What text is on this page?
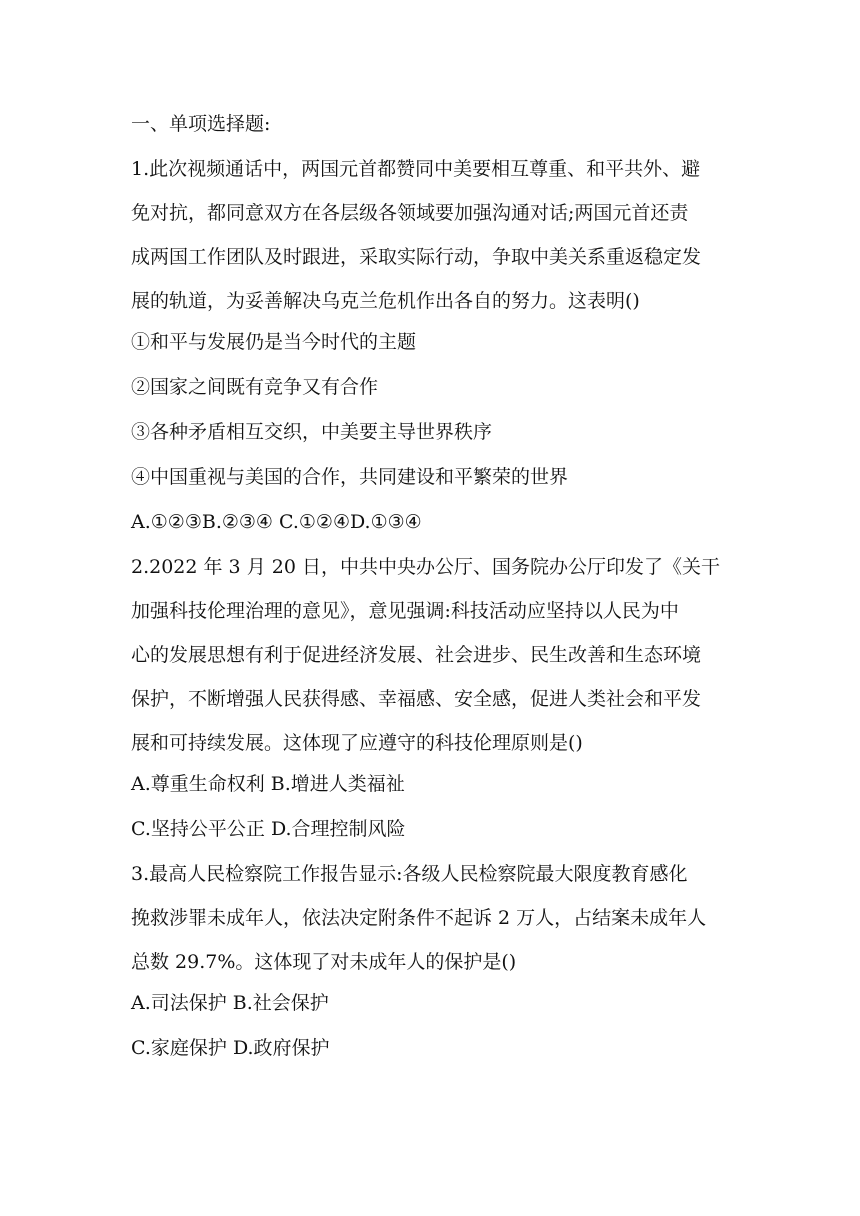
一、单项选择题:
1.此次视频通话中，两国元首都赞同中美要相互尊重、和平共外、避
免对抗，都同意双方在各层级各领域要加强沟通对话;两国元首还责
成两国工作团队及时跟进，采取实际行动，争取中美关系重返稳定发
展的轨道，为妥善解决乌克兰危机作出各自的努力。这表明()
①和平与发展仍是当今时代的主题
②国家之间既有竞争又有合作
③各种矛盾相互交织，中美要主导世界秩序
④中国重视与美国的合作，共同建设和平繁荣的世界
A.①②③B.②③④ C.①②④D.①③④
2.2022 年 3 月 20 日，中共中央办公厅、国务院办公厅印发了《关干
加强科技伦理治理的意见》，意见强调:科技活动应坚持以人民为中
心的发展思想有利于促进经济发展、社会进步、民生改善和生态环境
保护，不断增强人民获得感、幸福感、安全感，促进人类社会和平发
展和可持续发展。这体现了应遵守的科技伦理原则是()
A.尊重生命权利 B.增进人类福祉
C.坚持公平公正 D.合理控制风险
3.最高人民检察院工作报告显示:各级人民检察院最大限度教育感化
挽救涉罪未成年人，依法决定附条件不起诉 2 万人，占结案未成年人
总数 29.7%。这体现了对未成年人的保护是()
A.司法保护 B.社会保护
C.家庭保护 D.政府保护
